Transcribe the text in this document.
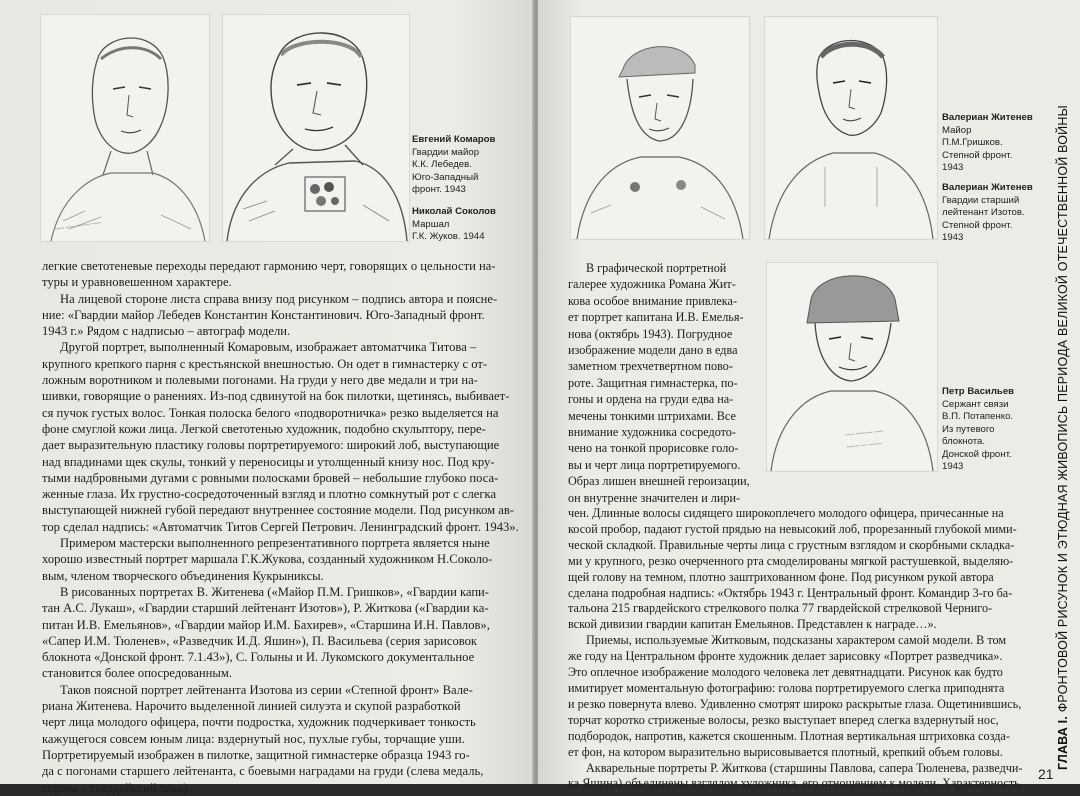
~~~ ~~~ ~~~~ ~~~
Евгений Комаров
Гвардии майор
К.К. Лебедев.
Юго-Западный
фронт. 1943
Николай Соколов
Маршал
Г.К. Жуков. 1944
легкие светотеневые переходы передают гармонию черт, говорящих о цельности на-
туры и уравновешенном характере.
На лицевой стороне листа справа внизу под рисунком – подпись автора и поясне-
ние: «Гвардии майор Лебедев Константин Константинович. Юго-Западный фронт.
1943 г.» Рядом с надписью – автограф модели.
Другой портрет, выполненный Комаровым, изображает автоматчика Титова –
крупного крепкого парня с крестьянской внешностью. Он одет в гимнастерку с от-
ложным воротником и полевыми погонами. На груди у него две медали и три на-
шивки, говорящие о ранениях. Из-под сдвинутой на бок пилотки, щетинясь, выбивает-
ся пучок густых волос. Тонкая полоска белого «подворотничка» резко выделяется на
фоне смуглой кожи лица. Легкой светотенью художник, подобно скульптору, пере-
дает выразительную пластику головы портретируемого: широкий лоб, выступающие
над впадинами щек скулы, тонкий у переносицы и утолщенный книзу нос. Под кру-
тыми надбровными дугами с ровными полосками бровей – небольшие глубоко поса-
женные глаза. Их грустно-сосредоточенный взгляд и плотно сомкнутый рот с слегка
выступающей нижней губой передают внутреннее состояние модели. Под рисунком ав-
тор сделал надпись: «Автоматчик Титов Сергей Петрович. Ленинградский фронт. 1943».
Примером мастерски выполненного репрезентативного портрета является ныне
хорошо известный портрет маршала Г.К.Жукова, созданный художником Н.Соколо-
вым, членом творческого объединения Кукрыниксы.
В рисованных портретах В. Житенева («Майор П.М. Гришков», «Гвардии капи-
тан А.С. Лукаш», «Гвардии старший лейтенант Изотов»), Р. Житкова («Гвардии ка-
питан И.В. Емельянов», «Гвардии майор И.М. Бахирев», «Старшина И.Н. Павлов»,
«Сапер И.М. Тюленев», «Разведчик И.Д. Яшин»), П. Васильева (серия зарисовок
блокнота «Донской фронт. 7.1.43»), С. Голыны и И. Лукомского документальное
становится более опосредованным.
Таков поясной портрет лейтенанта Изотова из серии «Степной фронт» Вале-
риана Житенева. Нарочито выделенной линией силуэта и скупой разработкой
черт лица молодого офицера, почти подростка, художник подчеркивает тонкость
кажущегося совсем юным лица: вздернутый нос, пухлые губы, торчащие уши.
Портретируемый изображен в пилотке, защитной гимнастерке образца 1943 го-
да с погонами старшего лейтенанта, с боевыми наградами на груди (слева медаль,
справа – гвардейский знак).
Валериан Житенев
Майор
П.М.Гришков.
Степной фронт.
1943
Валериан Житенев
Гвардии старший
лейтенант Изотов.
Степной фронт.
1943
~~~ ~~~~~ ~~~
~~~~ ~~ ~~~~
Петр Васильев
Сержант связи
В.П. Потапенко.
Из путевого
блокнота.
Донской фронт.
1943
В графической портретной
галерее художника Романа Жит-
кова особое внимание привлека-
ет портрет капитана И.В. Емелья-
нова (октябрь 1943). Погрудное
изображение модели дано в едва
заметном трехчетвертном пово-
роте. Защитная гимнастерка, по-
гоны и ордена на груди едва на-
мечены тонкими штрихами. Все
внимание художника сосредото-
чено на тонкой прорисовке голо-
вы и черт лица портретируемого.
Образ лишен внешней героизации,
он внутренне значителен и лири-
чен. Длинные волосы сидящего широкоплечего молодого офицера, причесанные на
косой пробор, падают густой прядью на невысокий лоб, прорезанный глубокой мими-
ческой складкой. Правильные черты лица с грустным взглядом и скорбными складка-
ми у крупного, резко очерченного рта смоделированы мягкой растушевкой, выделяю-
щей голову на темном, плотно заштрихованном фоне. Под рисунком рукой автора
сделана подробная надпись: «Октябрь 1943 г. Центральный фронт. Командир 3-го ба-
тальона 215 гвардейского стрелкового полка 77 гвардейской стрелковой Черниго-
вской дивизии гвардии капитан Емельянов. Представлен к награде…».
Приемы, используемые Житковым, подсказаны характером самой модели. В том
же году на Центральном фронте художник делает зарисовку «Портрет разведчика».
Это оплечное изображение молодого человека лет девятнадцати. Рисунок как будто
имитирует моментальную фотографию: голова портретируемого слегка приподнята
и резко повернута влево. Удивленно смотрят широко раскрытые глаза. Ощетинившись,
торчат коротко стриженые волосы, резко выступает вперед слегка вздернутый нос,
подбородок, напротив, кажется скошенным. Плотная вертикальная штриховка созда-
ет фон, на котором выразительно вырисовывается плотный, крепкий объем головы.
Акварельные портреты Р. Житкова (старшины Павлова, сапера Тюленева, разведчи-
ка Яшина) объединены взглядом художника, его отношением к модели. Характерность,
ГЛАВА I. ФРОНТОВОЙ РИСУНОК И ЭТЮДНАЯ ЖИВОПИСЬ ПЕРИОДА ВЕЛИКОЙ ОТЕЧЕСТВЕННОЙ ВОЙНЫ
21
